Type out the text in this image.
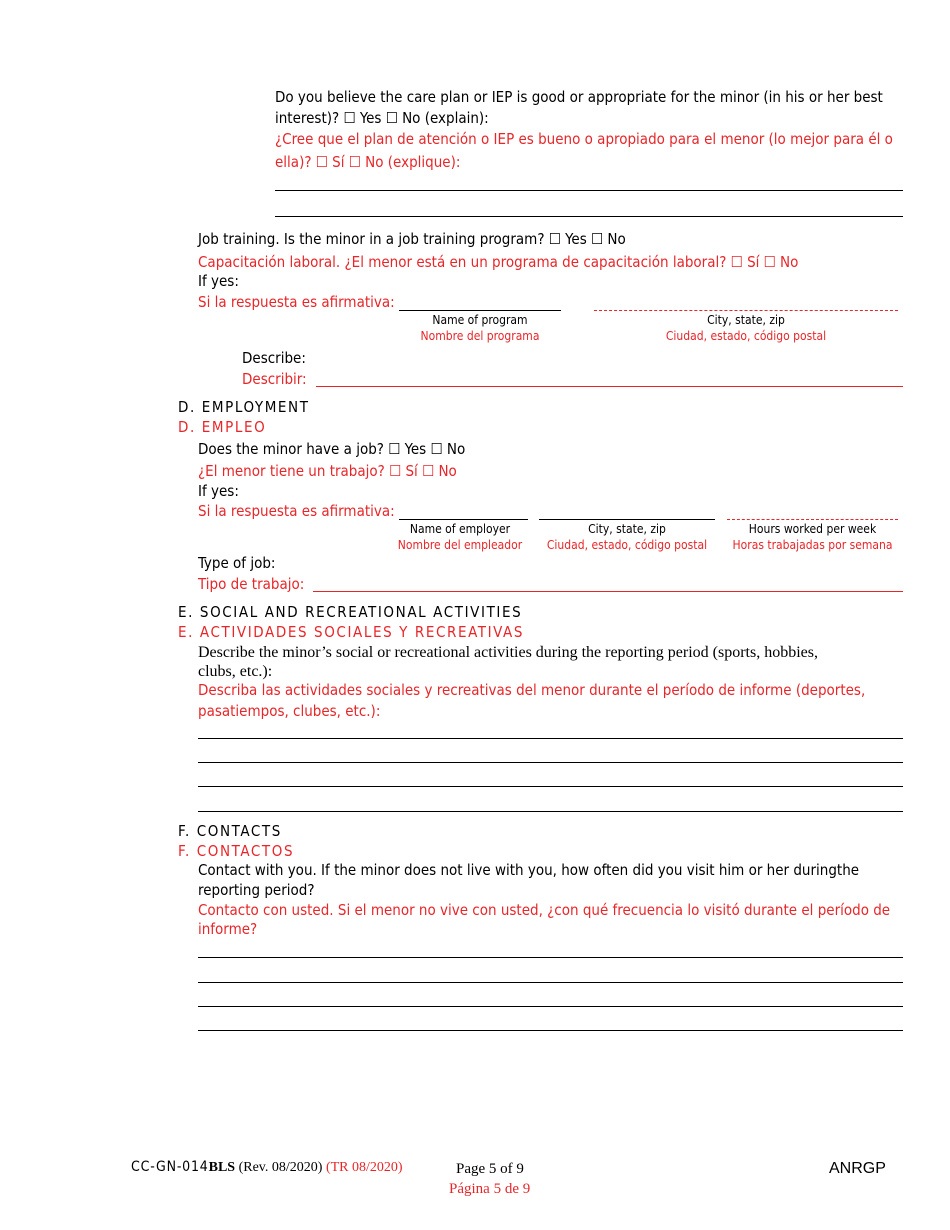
Do you believe the care plan or IEP is good or appropriate for the minor (in his or her best
interest)? ☐ Yes ☐ No (explain):
¿Cree que el plan de atención o IEP es bueno o apropiado para el menor (lo mejor para él o
ella)? ☐ Sí ☐ No (explique):
Job training. Is the minor in a job training program? ☐ Yes ☐ No
Capacitación laboral. ¿El menor está en un programa de capacitación laboral? ☐ Sí ☐ No
If yes:
Si la respuesta es afirmativa:
Name of program
Nombre del programa
City, state, zip
Ciudad, estado, código postal
Describe:
Describir:
D. EMPLOYMENT
D. EMPLEO
Does the minor have a job? ☐ Yes ☐ No
¿El menor tiene un trabajo? ☐ Sí ☐ No
If yes:
Si la respuesta es afirmativa:
Name of employer
Nombre del empleador
City, state, zip
Ciudad, estado, código postal
Hours worked per week
Horas trabajadas por semana
Type of job:
Tipo de trabajo:
E. SOCIAL AND RECREATIONAL ACTIVITIES
E. ACTIVIDADES SOCIALES Y RECREATIVAS
Describe the minor’s social or recreational activities during the reporting period (sports, hobbies,
clubs, etc.):
Describa las actividades sociales y recreativas del menor durante el período de informe (deportes,
pasatiempos, clubes, etc.):
F. CONTACTS
F. CONTACTOS
Contact with you. If the minor does not live with you, how often did you visit him or her duringthe
reporting period?
Contacto con usted. Si el menor no vive con usted, ¿con qué frecuencia lo visitó durante el período de
informe?
CC-GN-014BLS (Rev. 08/2020) (TR 08/2020)	Page 5 of 9
Página 5 de 9
ANRGP
